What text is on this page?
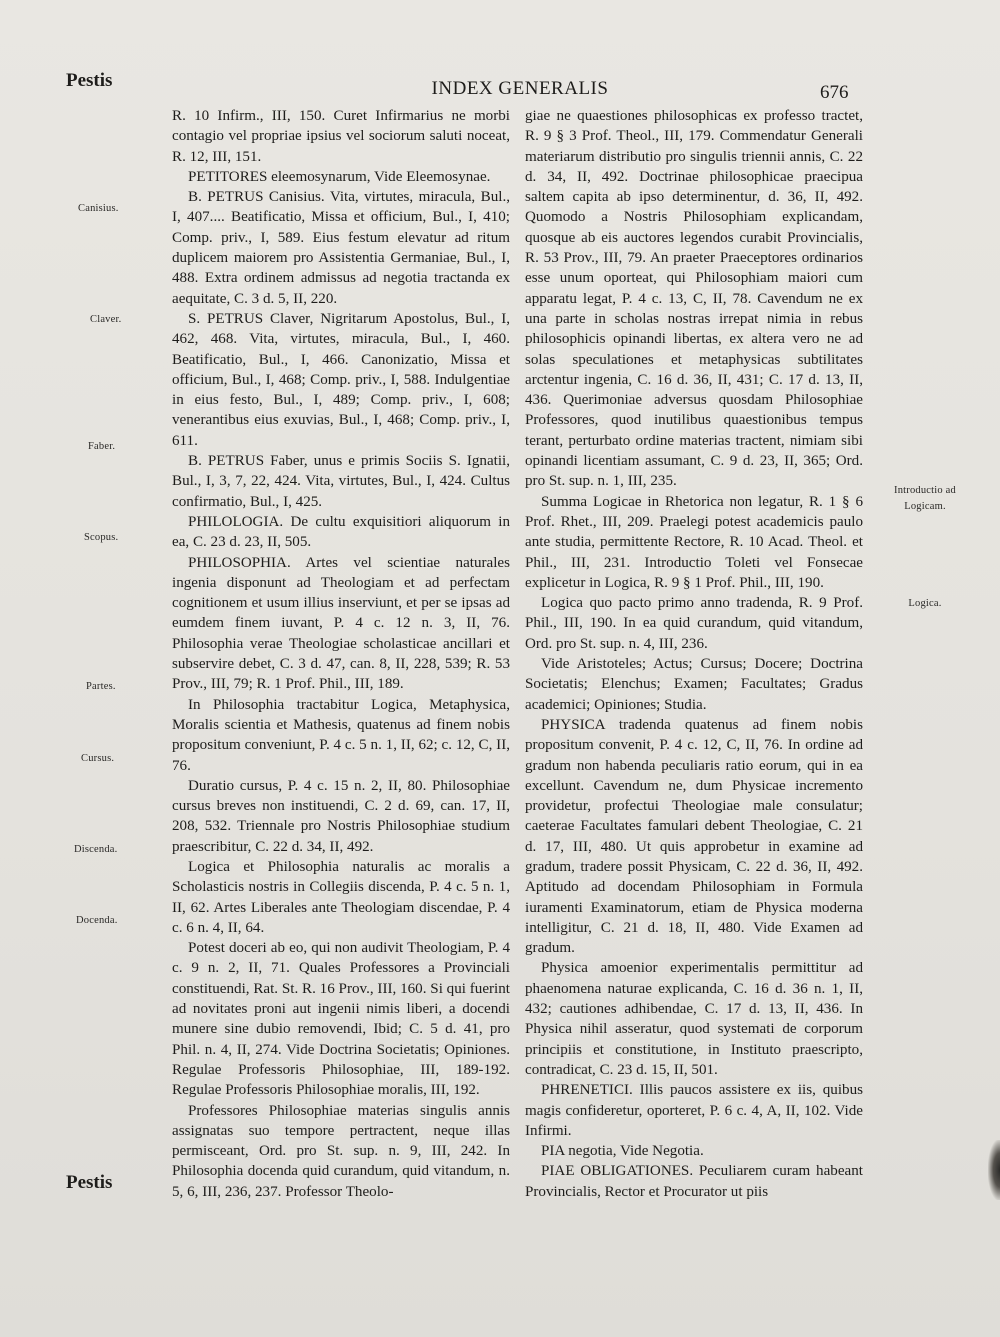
Pestis	INDEX GENERALIS	676
Canisius.
Claver.
Faber.
Scopus.
Partes.
Cursus.
Discenda.
Docenda.
Introductio ad Logicam.
Logica.

R. 10 Infirm., III, 150. Curet Infirmarius ne morbi contagio vel propriae ipsius vel sociorum saluti noceat, R. 12, III, 151.

PETITORES eleemosynarum, Vide Eleemosynae.

B. PETRUS Canisius. Vita, virtutes, miracula, Bul., I, 407.... Beatificatio, Missa et officium, Bul., I, 410; Comp. priv., I, 589. Eius festum elevatur ad ritum duplicem maiorem pro Assistentia Germaniae, Bul., I, 488. Extra ordinem admissus ad negotia tractanda ex aequitate, C. 3 d. 5, II, 220.

S. PETRUS Claver, Nigritarum Apostolus, Bul., I, 462, 468. Vita, virtutes, miracula, Bul., I, 460. Beatificatio, Bul., I, 466. Canonizatio, Missa et officium, Bul., I, 468; Comp. priv., I, 588. Indulgentiae in eius festo, Bul., I, 489; Comp. priv., I, 608; venerantibus eius exuvias, Bul., I, 468; Comp. priv., I, 611.

B. PETRUS Faber, unus e primis Sociis S. Ignatii, Bul., I, 3, 7, 22, 424. Vita, virtutes, Bul., I, 424. Cultus confirmatio, Bul., I, 425.

PHILOLOGIA. De cultu exquisitiori aliquorum in ea, C. 23 d. 23, II, 505.

PHILOSOPHIA. Artes vel scientiae naturales ingenia disponunt ad Theologiam et ad perfectam cognitionem et usum illius inserviunt, et per se ipsas ad eumdem finem iuvant, P. 4 c. 12 n. 3, II, 76. Philosophia verae Theologiae scholasticae ancillari et subservire debet, C. 3 d. 47, can. 8, II, 228, 539; R. 53 Prov., III, 79; R. 1 Prof. Phil., III, 189.

In Philosophia tractabitur Logica, Metaphysica, Moralis scientia et Mathesis, quatenus ad finem nobis propositum conveniunt, P. 4 c. 5 n. 1, II, 62; c. 12, C, II, 76.

Duratio cursus, P. 4 c. 15 n. 2, II, 80. Philosophiae cursus breves non instituendi, C. 2 d. 69, can. 17, II, 208, 532. Triennale pro Nostris Philosophiae studium praescribitur, C. 22 d. 34, II, 492.

Logica et Philosophia naturalis ac moralis a Scholasticis nostris in Collegiis discenda, P. 4 c. 5 n. 1, II, 62. Artes Liberales ante Theologiam discendae, P. 4 c. 6 n. 4, II, 64.

Potest doceri ab eo, qui non audivit Theologiam, P. 4 c. 9 n. 2, II, 71. Quales Professores a Provinciali constituendi, Rat. St. R. 16 Prov., III, 160. Si qui fuerint ad novitates proni aut ingenii nimis liberi, a docendi munere sine dubio removendi, Ibid; C. 5 d. 41, pro Phil. n. 4, II, 274. Vide Doctrina Societatis; Opiniones. Regulae Professoris Philosophiae, III, 189-192. Regulae Professoris Philosophiae moralis, III, 192.

Professores Philosophiae materias singulis annis assignatas suo tempore pertractent, neque illas permisceant, Ord. pro St. sup. n. 9, III, 242. In Philosophia docenda quid curandum, quid vitandum, n. 5, 6, III, 236, 237. Professor Theolo-

giae ne quaestiones philosophicas ex professo tractet, R. 9 § 3 Prof. Theol., III, 179. Commendatur Generali materiarum distributio pro singulis triennii annis, C. 22 d. 34, II, 492. Doctrinae philosophicae praecipua saltem capita ab ipso determinentur, d. 36, II, 492. Quomodo a Nostris Philosophiam explicandam, quosque ab eis auctores legendos curabit Provincialis, R. 53 Prov., III, 79. An praeter Praeceptores ordinarios esse unum oporteat, qui Philosophiam maiori cum apparatu legat, P. 4 c. 13, C, II, 78. Cavendum ne ex una parte in scholas nostras irrepat nimia in rebus philosophicis opinandi libertas, ex altera vero ne ad solas speculationes et metaphysicas subtilitates arctentur ingenia, C. 16 d. 36, II, 431; C. 17 d. 13, II, 436. Querimoniae adversus quosdam Philosophiae Professores, quod inutilibus quaestionibus tempus terant, perturbato ordine materias tractent, nimiam sibi opinandi licentiam assumant, C. 9 d. 23, II, 365; Ord. pro St. sup. n. 1, III, 235.

Summa Logicae in Rhetorica non legatur, R. 1 § 6 Prof. Rhet., III, 209. Praelegi potest academicis paulo ante studia, permittente Rectore, R. 10 Acad. Theol. et Phil., III, 231. Introductio Toleti vel Fonsecae explicetur in Logica, R. 9 § 1 Prof. Phil., III, 190.

Logica quo pacto primo anno tradenda, R. 9 Prof. Phil., III, 190. In ea quid curandum, quid vitandum, Ord. pro St. sup. n. 4, III, 236.

Vide Aristoteles; Actus; Cursus; Docere; Doctrina Societatis; Elenchus; Examen; Facultates; Gradus academici; Opiniones; Studia.

PHYSICA tradenda quatenus ad finem nobis propositum convenit, P. 4 c. 12, C, II, 76. In ordine ad gradum non habenda peculiaris ratio eorum, qui in ea excellunt. Cavendum ne, dum Physicae incremento providetur, profectui Theologiae male consulatur; caeterae Facultates famulari debent Theologiae, C. 21 d. 17, III, 480. Ut quis approbetur in examine ad gradum, tradere possit Physicam, C. 22 d. 36, II, 492. Aptitudo ad docendam Philosophiam in Formula iuramenti Examinatorum, etiam de Physica moderna intelligitur, C. 21 d. 18, II, 480. Vide Examen ad gradum.

Physica amoenior experimentalis permittitur ad phaenomena naturae explicanda, C. 16 d. 36 n. 1, II, 432; cautiones adhibendae, C. 17 d. 13, II, 436. In Physica nihil asseratur, quod systemati de corporum principiis et constitutione, in Instituto praescripto, contradicat, C. 23 d. 15, II, 501.

PHRENETICI. Illis paucos assistere ex iis, quibus magis confideretur, oporteret, P. 6 c. 4, A, II, 102. Vide Infirmi.

PIA negotia, Vide Negotia.

PIAE OBLIGATIONES. Peculiarem curam habeant Provincialis, Rector et Procurator ut piis

Pestis
